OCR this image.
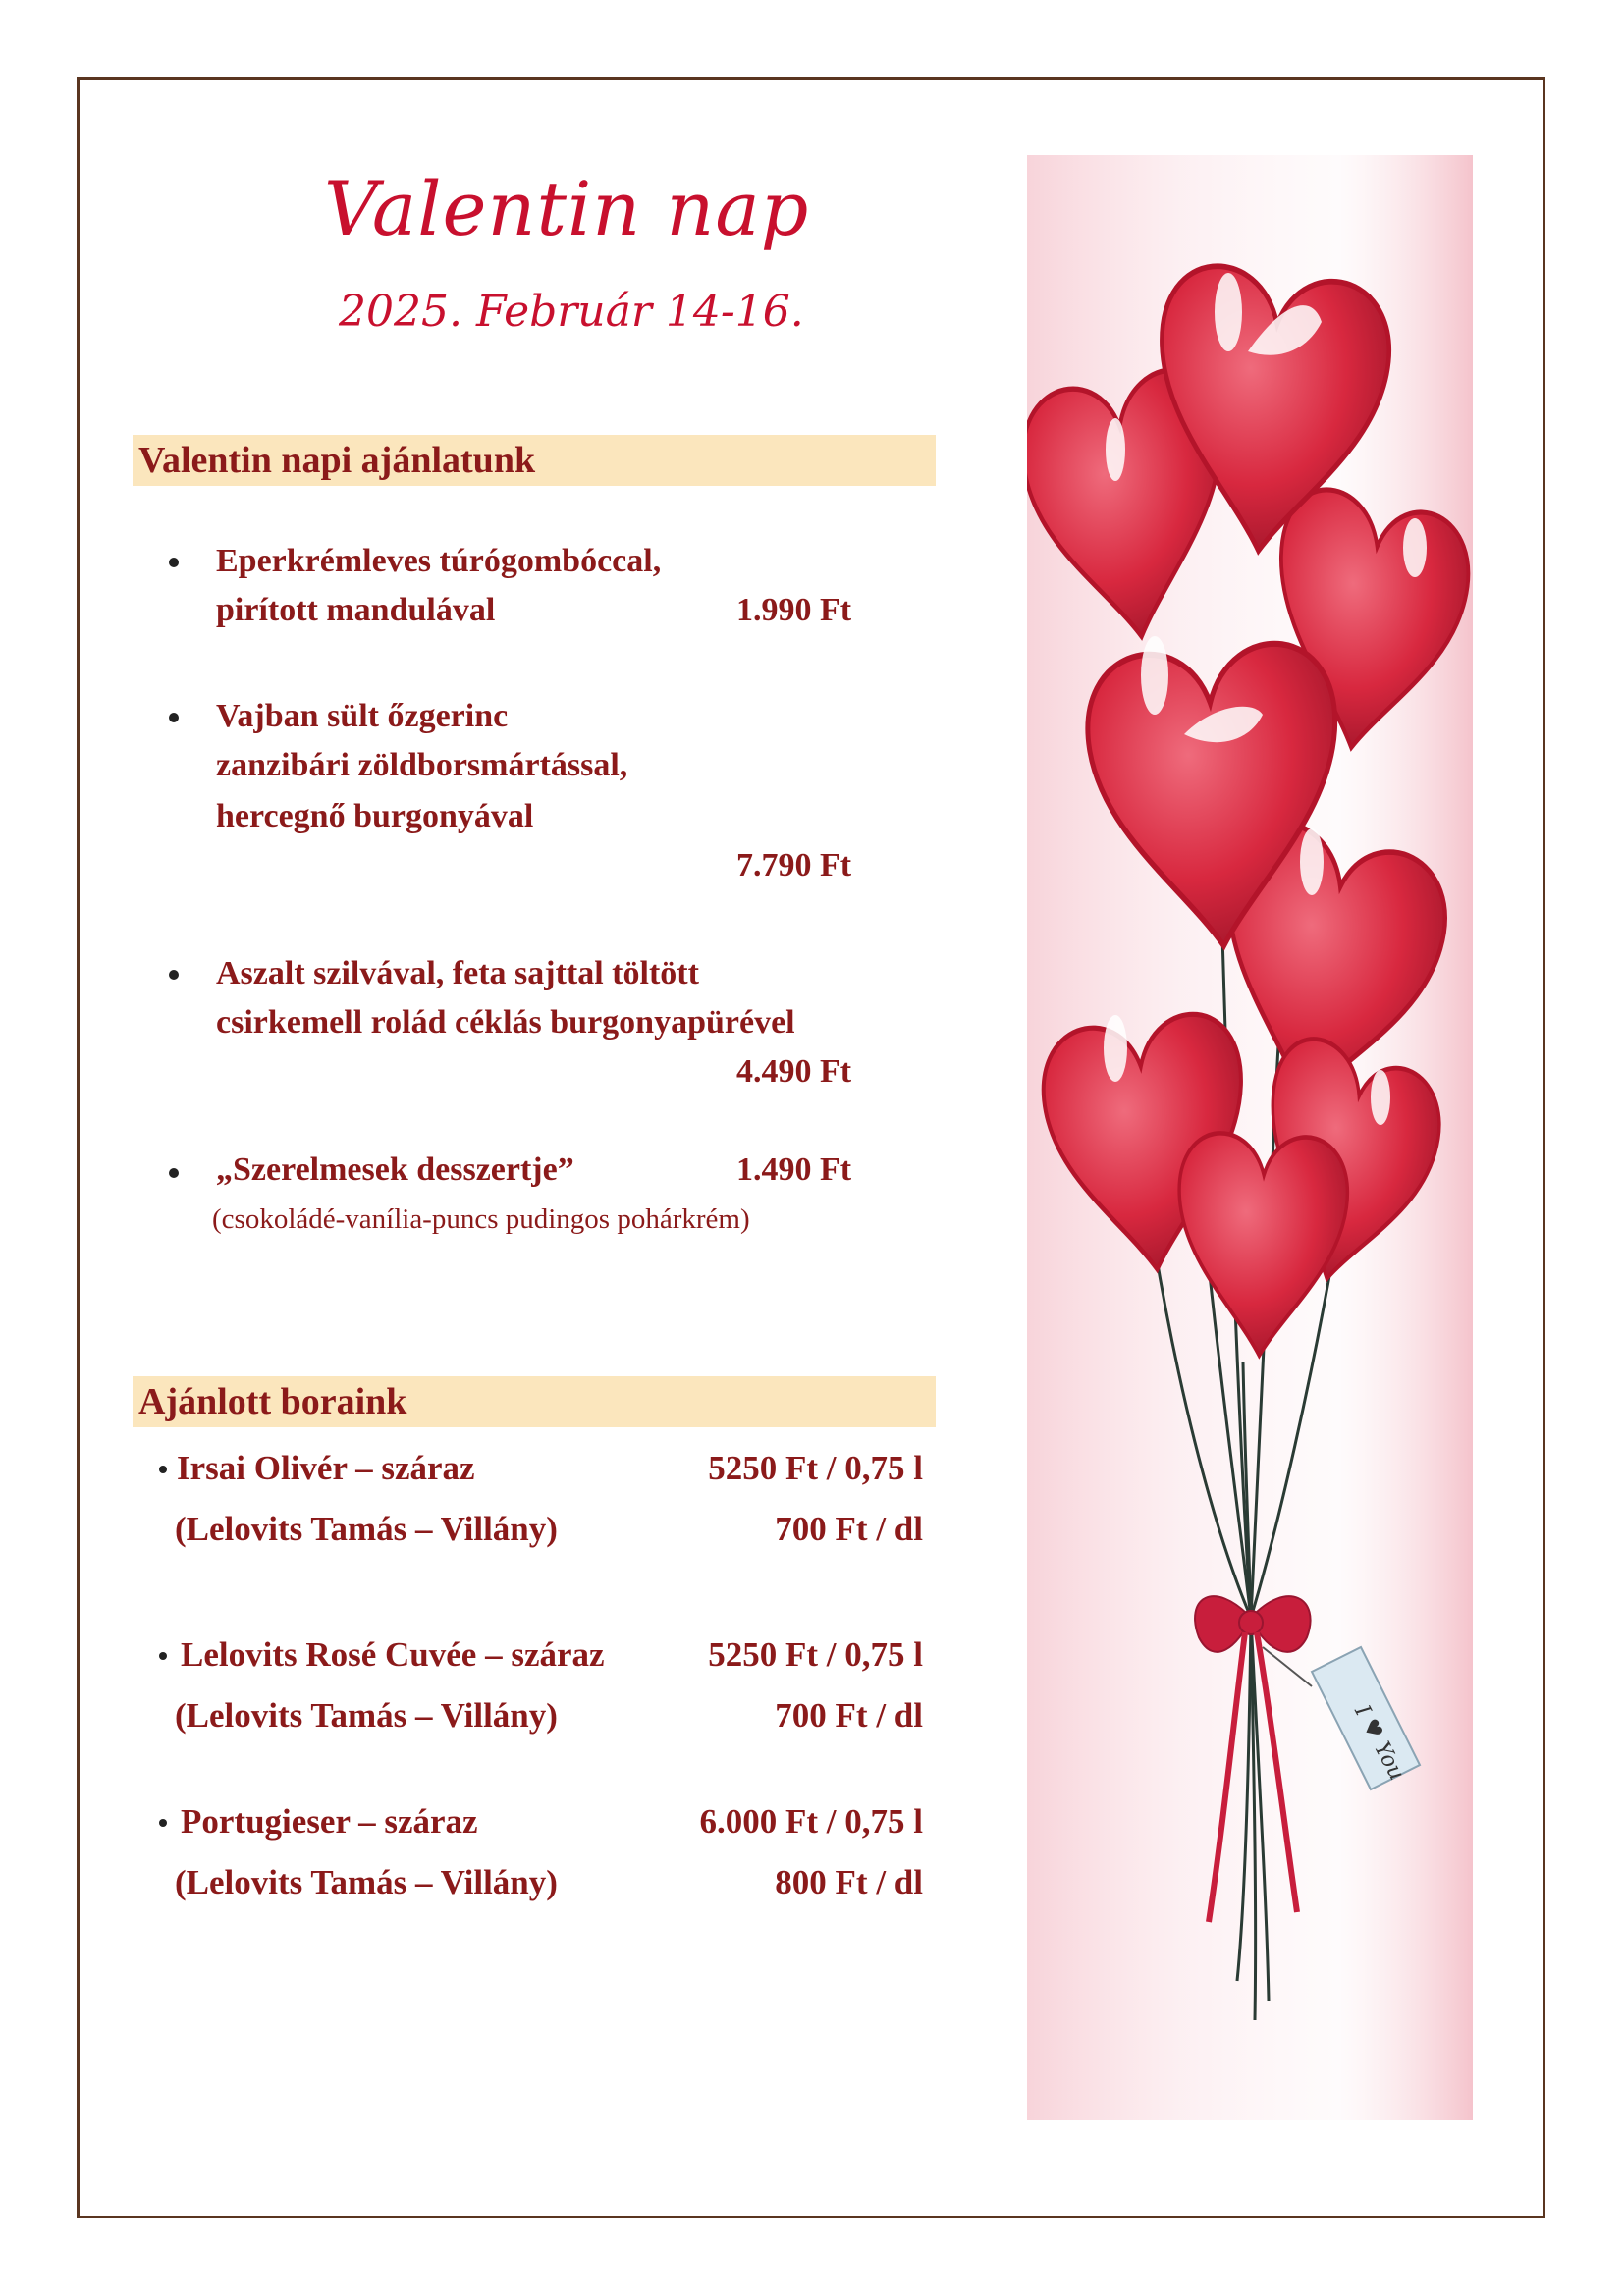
Valentin nap
2025. Február 14-16.
Valentin napi ajánlatunk
Eperkrémleves túrógombóccal,
pirított mandulával	1.990 Ft
Vajban sült őzgerinc
zanzibári zöldborsmártással,
hercegnő burgonyával
7.790 Ft
Aszalt szilvával, feta sajttal töltött
csirkemell rolád céklás burgonyapürével
4.490 Ft
„Szerelmesek desszertje”	1.490 Ft
(csokoládé-vanília-puncs pudingos pohárkrém)
Ajánlott boraink
Irsai Olivér – száraz	5250 Ft / 0,75 l
(Lelovits Tamás – Villány)	700 Ft / dl
Lelovits Rosé Cuvée – száraz	5250 Ft / 0,75 l
(Lelovits Tamás – Villány)	700 Ft / dl
Portugieser – száraz	6.000 Ft / 0,75 l
(Lelovits Tamás – Villány)	800 Ft / dl
I ♥ You
